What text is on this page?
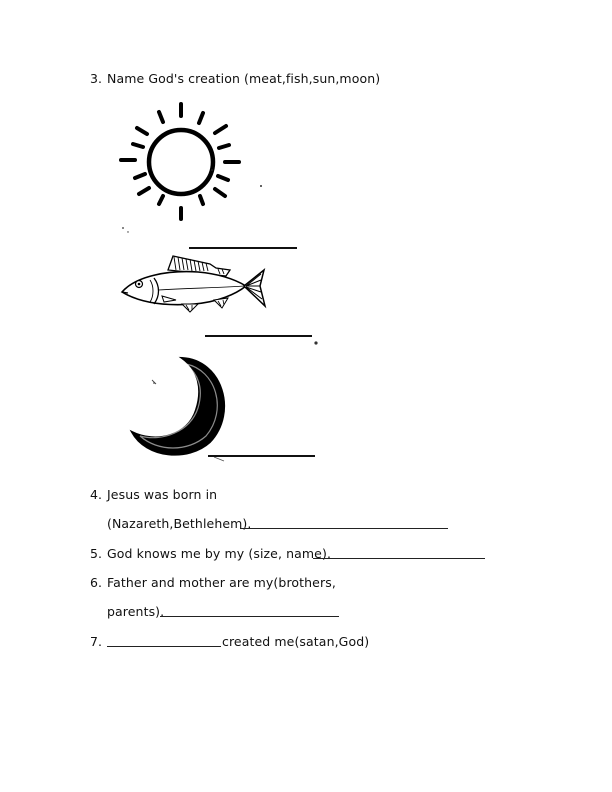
3. Name God's creation (meat,fish,sun,moon)
4. Jesus was born in
(Nazareth,Bethlehem).
5. God knows me by my (size, name).
6. Father and mother are my(brothers,
parents).
7.	created me(satan,God)
